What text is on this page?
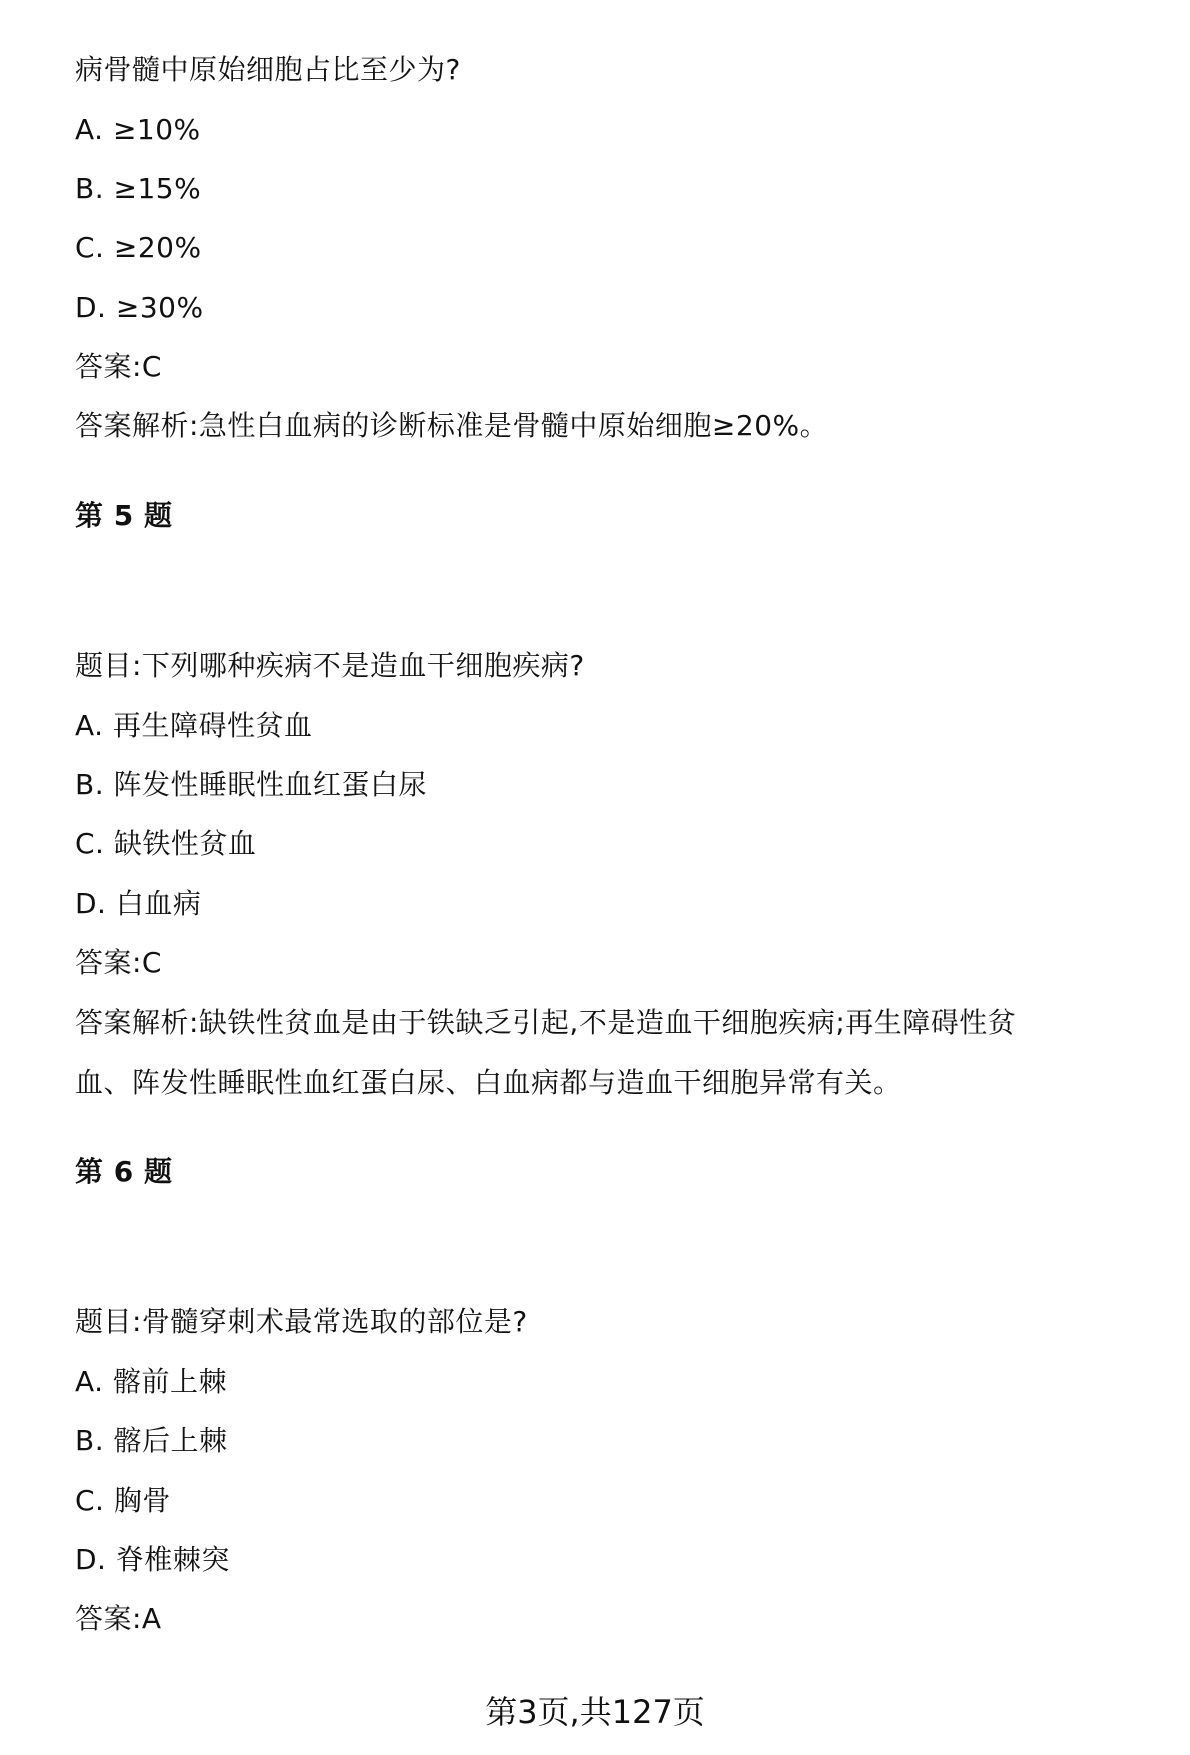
病骨髓中原始细胞占比至少为?
A. ≥10%
B. ≥15%
C. ≥20%
D. ≥30%
答案:C
答案解析:急性白血病的诊断标准是骨髓中原始细胞≥20%。
第 5 题
题目:下列哪种疾病不是造血干细胞疾病?
A. 再生障碍性贫血
B. 阵发性睡眠性血红蛋白尿
C. 缺铁性贫血
D. 白血病
答案:C
答案解析:缺铁性贫血是由于铁缺乏引起,不是造血干细胞疾病;再生障碍性贫
血、阵发性睡眠性血红蛋白尿、白血病都与造血干细胞异常有关。
第 6 题
题目:骨髓穿刺术最常选取的部位是?
A. 髂前上棘
B. 髂后上棘
C. 胸骨
D. 脊椎棘突
答案:A
第3页,共127页
